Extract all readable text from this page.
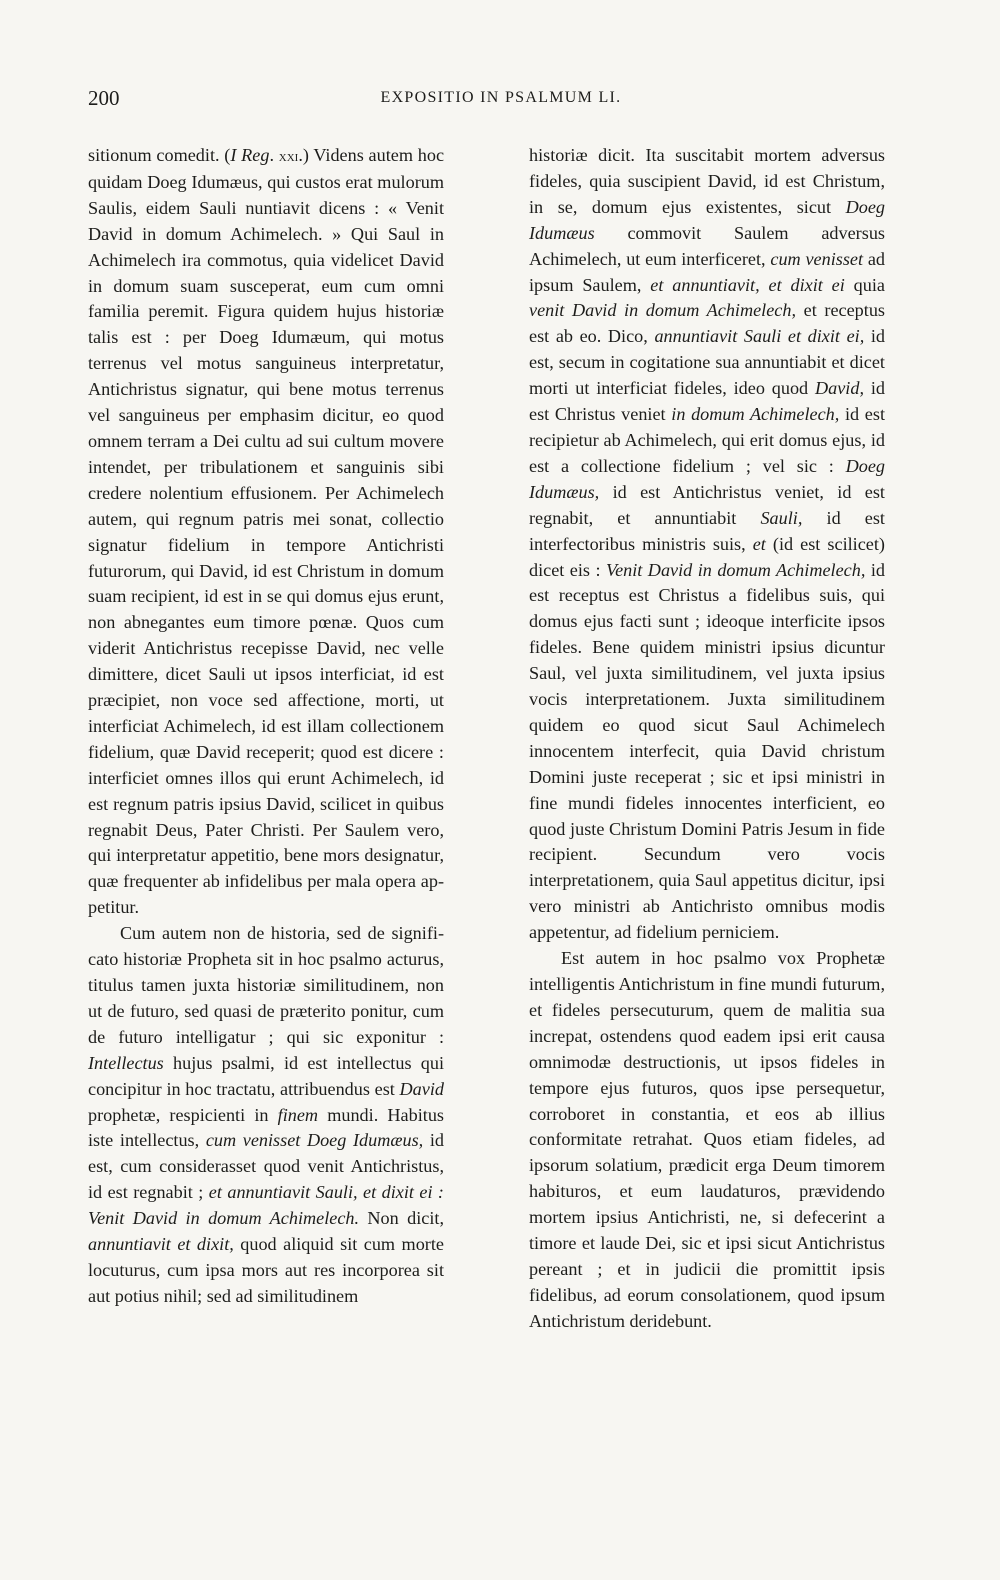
200	EXPOSITIO IN PSALMUM LI.

sitionum comedit. (I Reg. xxi.) Videns autem hoc quidam Doeg Idumæus, qui custos erat mulorum Saulis, eidem Sauli nuntiavit dicens : « Venit David in domum Achimelech. » Qui Saul in Achimelech ira commotus, quia videlicet David in domum suam susceperat, eum cum omni familia peremit. Figura quidem hujus historiæ talis est : per Doeg Idumæum, qui motus terrenus vel motus sanguineus interpretatur, Antichristus signatur, qui bene motus terrenus vel sanguineus per emphasim dicitur, eo quod omnem terram a Dei cultu ad sui cultum movere intendet, per tribulationem et sanguinis sibi credere nolentium effusionem. Per Achimelech autem, qui regnum patris mei sonat, collectio signatur fidelium in tempore Antichristi futurorum, qui David, id est Christum in domum suam recipient, id est in se qui domus ejus erunt, non abnegantes eum timore pœnæ. Quos cum viderit Antichristus recepisse David, nec velle dimittere, dicet Sauli ut ipsos interficiat, id est præcipiet, non voce sed affectione, morti, ut interficiat Achimelech, id est illam collectionem fidelium, quæ David receperit; quod est dicere : interficiet omnes illos qui erunt Achimelech, id est regnum patris ipsius David, scilicet in quibus regnabit Deus, Pater Christi. Per Saulem vero, qui interpretatur appetitio, bene mors designatur, quæ frequenter ab infidelibus per mala opera appetitur.

Cum autem non de historia, sed de significato historiæ Propheta sit in hoc psalmo acturus, titulus tamen juxta historiæ similitudinem, non ut de futuro, sed quasi de præterito ponitur, cum de futuro intelligatur ; qui sic exponitur : Intellectus hujus psalmi, id est intellectus qui concipitur in hoc tractatu, attribuendus est David prophetæ, respicienti in finem mundi. Habitus iste intellectus, cum venisset Doeg Idumæus, id est, cum considerasset quod venit Antichristus, id est regnabit ; et annuntiavit Sauli, et dixit ei : Venit David in domum Achimelech. Non dicit, annuntiavit et dixit, quod aliquid sit cum morte locuturus, cum ipsa mors aut res incorporea sit aut potius nihil; sed ad similitudinem

historiæ dicit. Ita suscitabit mortem adversus fideles, quia suscipient David, id est Christum, in se, domum ejus existentes, sicut Doeg Idumæus commovit Saulem adversus Achimelech, ut eum interficeret, cum venisset ad ipsum Saulem, et annuntiavit, et dixit ei quia venit David in domum Achimelech, et receptus est ab eo. Dico, annuntiavit Sauli et dixit ei, id est, secum in cogitatione sua annuntiabit et dicet morti ut interficiat fideles, ideo quod David, id est Christus veniet in domum Achimelech, id est recipietur ab Achimelech, qui erit domus ejus, id est a collectione fidelium ; vel sic : Doeg Idumæus, id est Antichristus veniet, id est regnabit, et annuntiabit Sauli, id est interfectoribus ministris suis, et (id est scilicet) dicet eis : Venit David in domum Achimelech, id est receptus est Christus a fidelibus suis, qui domus ejus facti sunt ; ideoque interficite ipsos fideles. Bene quidem ministri ipsius dicuntur Saul, vel juxta similitudinem, vel juxta ipsius vocis interpretationem. Juxta similitudinem quidem eo quod sicut Saul Achimelech innocentem interfecit, quia David christum Domini juste receperat ; sic et ipsi ministri in fine mundi fideles innocentes interficient, eo quod juste Christum Domini Patris Jesum in fide recipient. Secundum vero vocis interpretationem, quia Saul appetitus dicitur, ipsi vero ministri ab Antichristo omnibus modis appetentur, ad fidelium perniciem.

Est autem in hoc psalmo vox Prophetæ intelligentis Antichristum in fine mundi futurum, et fideles persecuturum, quem de malitia sua increpat, ostendens quod eadem ipsi erit causa omnimodæ destructionis, ut ipsos fideles in tempore ejus futuros, quos ipse persequetur, corroboret in constantia, et eos ab illius conformitate retrahat. Quos etiam fideles, ad ipsorum solatium, prædicit erga Deum timorem habituros, et eum laudaturos, prævidendo mortem ipsius Antichristi, ne, si defecerint a timore et laude Dei, sic et ipsi sicut Antichristus pereant ; et in judicii die promittit ipsis fidelibus, ad eorum consolationem, quod ipsum Antichristum deridebunt.
